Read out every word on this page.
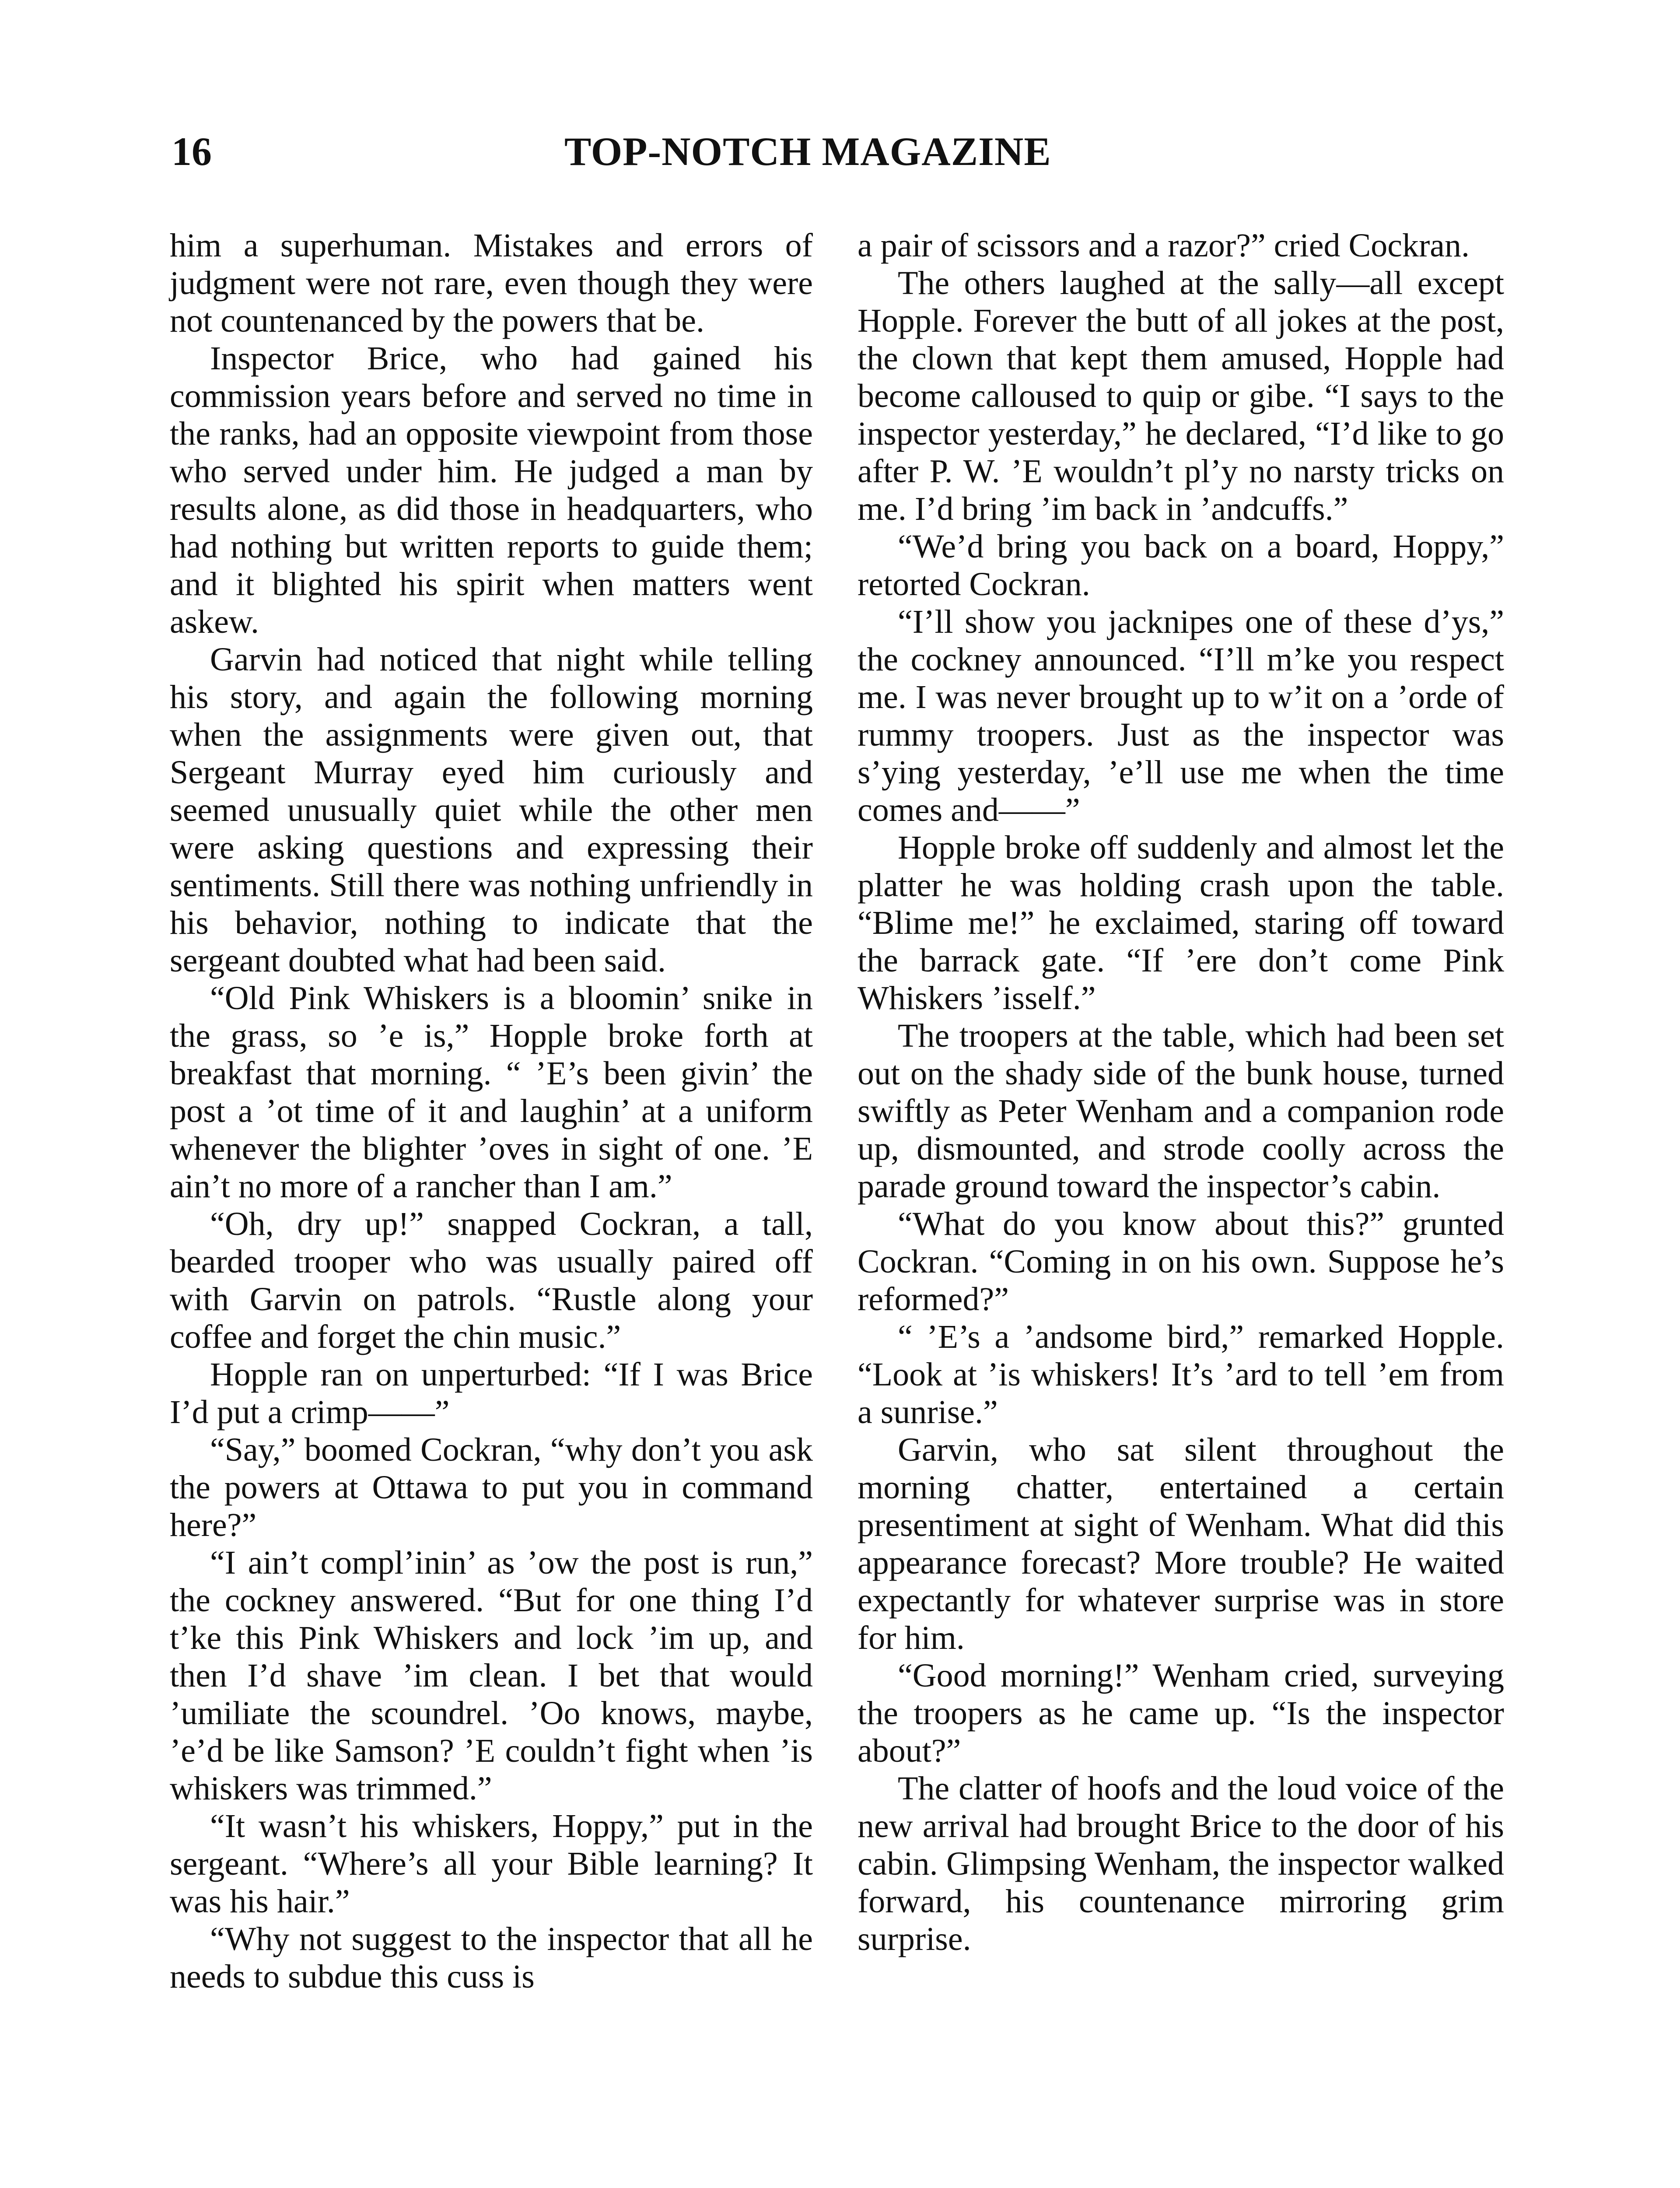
16	TOP-NOTCH MAGAZINE

him a superhuman. Mistakes and errors of judgment were not rare, even though they were not countenanced by the powers that be.

Inspector Brice, who had gained his commission years before and served no time in the ranks, had an opposite viewpoint from those who served under him. He judged a man by results alone, as did those in headquarters, who had nothing but written reports to guide them; and it blighted his spirit when matters went askew.

Garvin had noticed that night while telling his story, and again the following morning when the assignments were given out, that Sergeant Murray eyed him curiously and seemed unusually quiet while the other men were asking questions and expressing their sentiments. Still there was nothing unfriendly in his behavior, nothing to indicate that the sergeant doubted what had been said.

“Old Pink Whiskers is a bloomin’ snike in the grass, so ’e is,” Hopple broke forth at breakfast that morning. “ ’E’s been givin’ the post a ’ot time of it and laughin’ at a uniform whenever the blighter ’oves in sight of one. ’E ain’t no more of a rancher than I am.”

“Oh, dry up!” snapped Cockran, a tall, bearded trooper who was usually paired off with Garvin on patrols. “Rustle along your coffee and forget the chin music.”

Hopple ran on unperturbed: “If I was Brice I’d put a crimp——”

“Say,” boomed Cockran, “why don’t you ask the powers at Ottawa to put you in command here?”

“I ain’t compl’inin’ as ’ow the post is run,” the cockney answered. “But for one thing I’d t’ke this Pink Whiskers and lock ’im up, and then I’d shave ’im clean. I bet that would ’umiliate the scoundrel. ’Oo knows, maybe, ’e’d be like Samson? ’E couldn’t fight when ’is whiskers was trimmed.”

“It wasn’t his whiskers, Hoppy,” put in the sergeant. “Where’s all your Bible learning? It was his hair.”

“Why not suggest to the inspector that all he needs to subdue this cuss is

a pair of scissors and a razor?” cried Cockran.

The others laughed at the sally—all except Hopple. Forever the butt of all jokes at the post, the clown that kept them amused, Hopple had become calloused to quip or gibe. “I says to the inspector yesterday,” he declared, “I’d like to go after P. W. ’E wouldn’t pl’y no narsty tricks on me. I’d bring ’im back in ’andcuffs.”

“We’d bring you back on a board, Hoppy,” retorted Cockran.

“I’ll show you jacknipes one of these d’ys,” the cockney announced. “I’ll m’ke you respect me. I was never brought up to w’it on a ’orde of rummy troopers. Just as the inspector was s’ying yesterday, ’e’ll use me when the time comes and——”

Hopple broke off suddenly and almost let the platter he was holding crash upon the table. “Blime me!” he exclaimed, staring off toward the barrack gate. “If ’ere don’t come Pink Whiskers ’isself.”

The troopers at the table, which had been set out on the shady side of the bunk house, turned swiftly as Peter Wenham and a companion rode up, dismounted, and strode coolly across the parade ground toward the inspector’s cabin.

“What do you know about this?” grunted Cockran. “Coming in on his own. Suppose he’s reformed?”

“ ’E’s a ’andsome bird,” remarked Hopple. “Look at ’is whiskers! It’s ’ard to tell ’em from a sunrise.”

Garvin, who sat silent throughout the morning chatter, entertained a certain presentiment at sight of Wenham. What did this appearance forecast? More trouble? He waited expectantly for whatever surprise was in store for him.

“Good morning!” Wenham cried, surveying the troopers as he came up. “Is the inspector about?”

The clatter of hoofs and the loud voice of the new arrival had brought Brice to the door of his cabin. Glimpsing Wenham, the inspector walked forward, his countenance mirroring grim surprise.
